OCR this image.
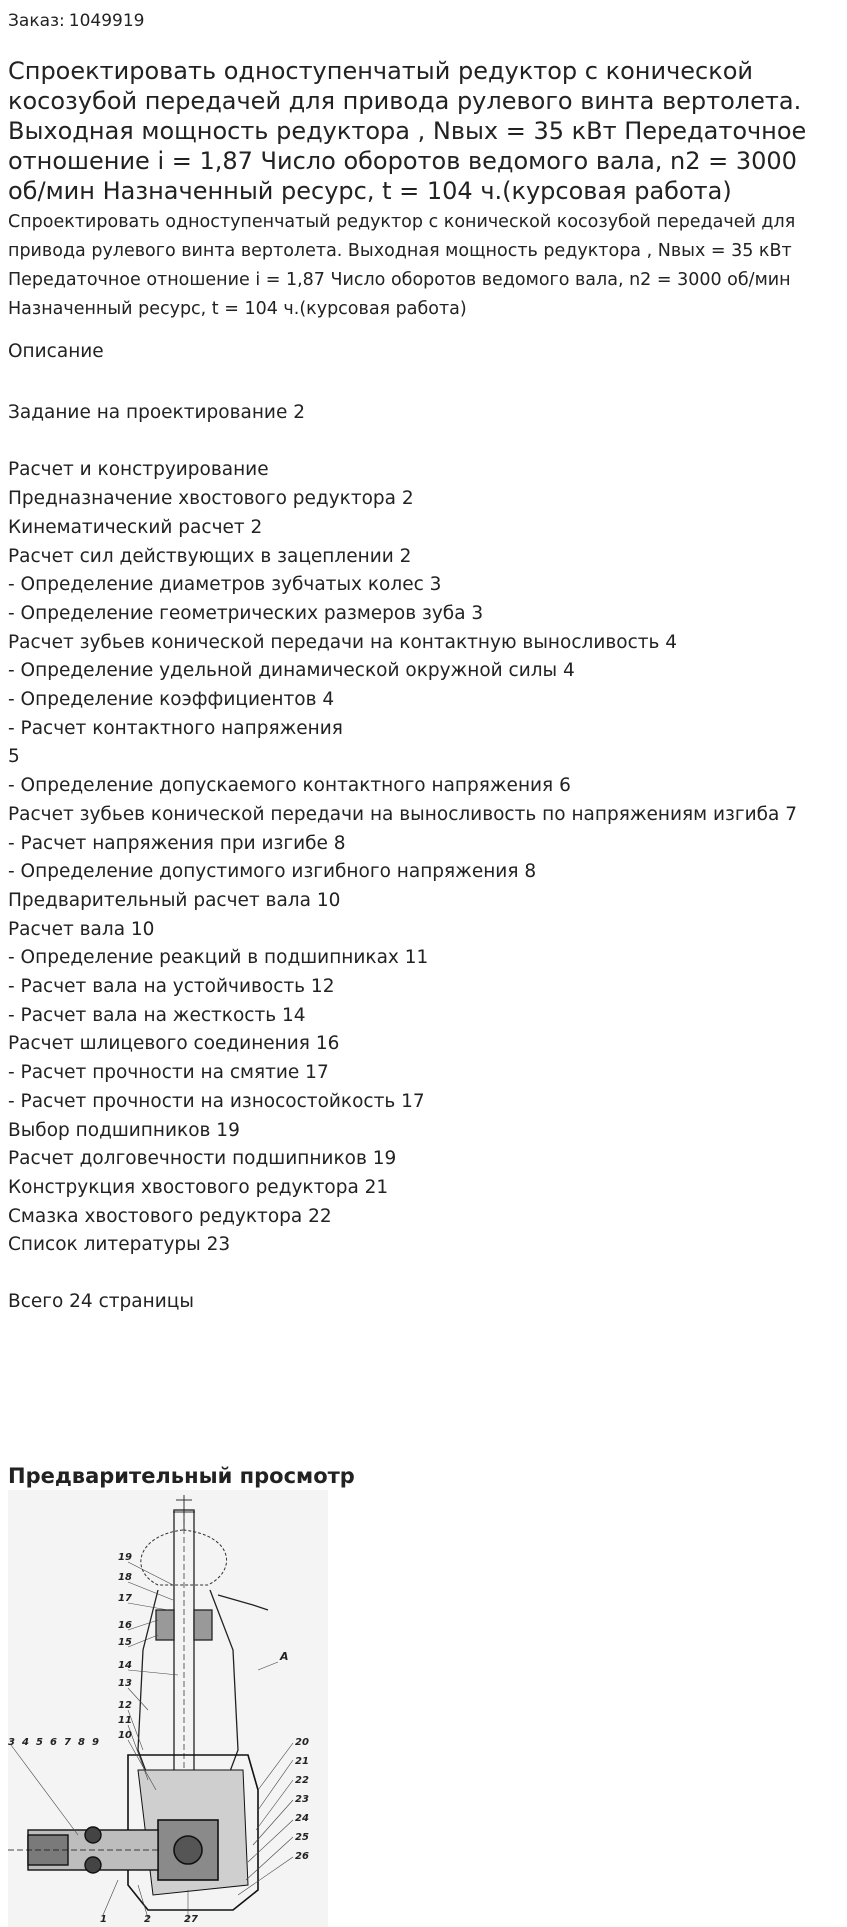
Заказ: 1049919
Спроектировать одноступенчатый редуктор с конической косозубой передачей для привода рулевого винта вертолета. Выходная мощность редуктора , Nвых = 35 кВт Передаточное отношение i = 1,87 Число оборотов ведомого вала, n2 = 3000 об/мин Назначенный ресурс, t = 104 ч.(курсовая работа)

Спроектировать одноступенчатый редуктор с конической косозубой передачей для привода рулевого винта вертолета. Выходная мощность редуктора , Nвых = 35 кВт Передаточное отношение i = 1,87 Число оборотов ведомого вала, n2 = 3000 об/мин Назначенный ресурс, t = 104 ч.(курсовая работа)

Описание
Задание на проектирование 2
Расчет и конструирование
Предназначение хвостового редуктора 2
Кинематический расчет 2
Расчет сил действующих в зацеплении 2
- Определение диаметров зубчатых колес 3
- Определение геометрических размеров зуба 3
Расчет зубьев конической передачи на контактную выносливость 4
- Определение удельной динамической окружной силы 4
- Определение коэффициентов 4
- Расчет контактного напряжения
5
- Определение допускаемого контактного напряжения 6
Расчет зубьев конической передачи на выносливость по напряжениям изгиба 7
- Расчет напряжения при изгибе 8
- Определение допустимого изгибного напряжения 8
Предварительный расчет вала 10
Расчет вала 10
- Определение реакций в подшипниках 11
- Расчет вала на устойчивость 12
- Расчет вала на жесткость 14
Расчет шлицевого соединения 16
- Расчет прочности на смятие 17
- Расчет прочности на износостойкость 17
Выбор подшипников 19
Расчет долговечности подшипников 19
Конструкция хвостового редуктора 21
Смазка хвостового редуктора 22
Список литературы 23

Всего 24 страницы

Предварительный просмотр
19
18
17
16
15
14
13
12
11
10
3 4 5 6 7 8 9	20
21
22
23
24
25
26
1	2	27
A
